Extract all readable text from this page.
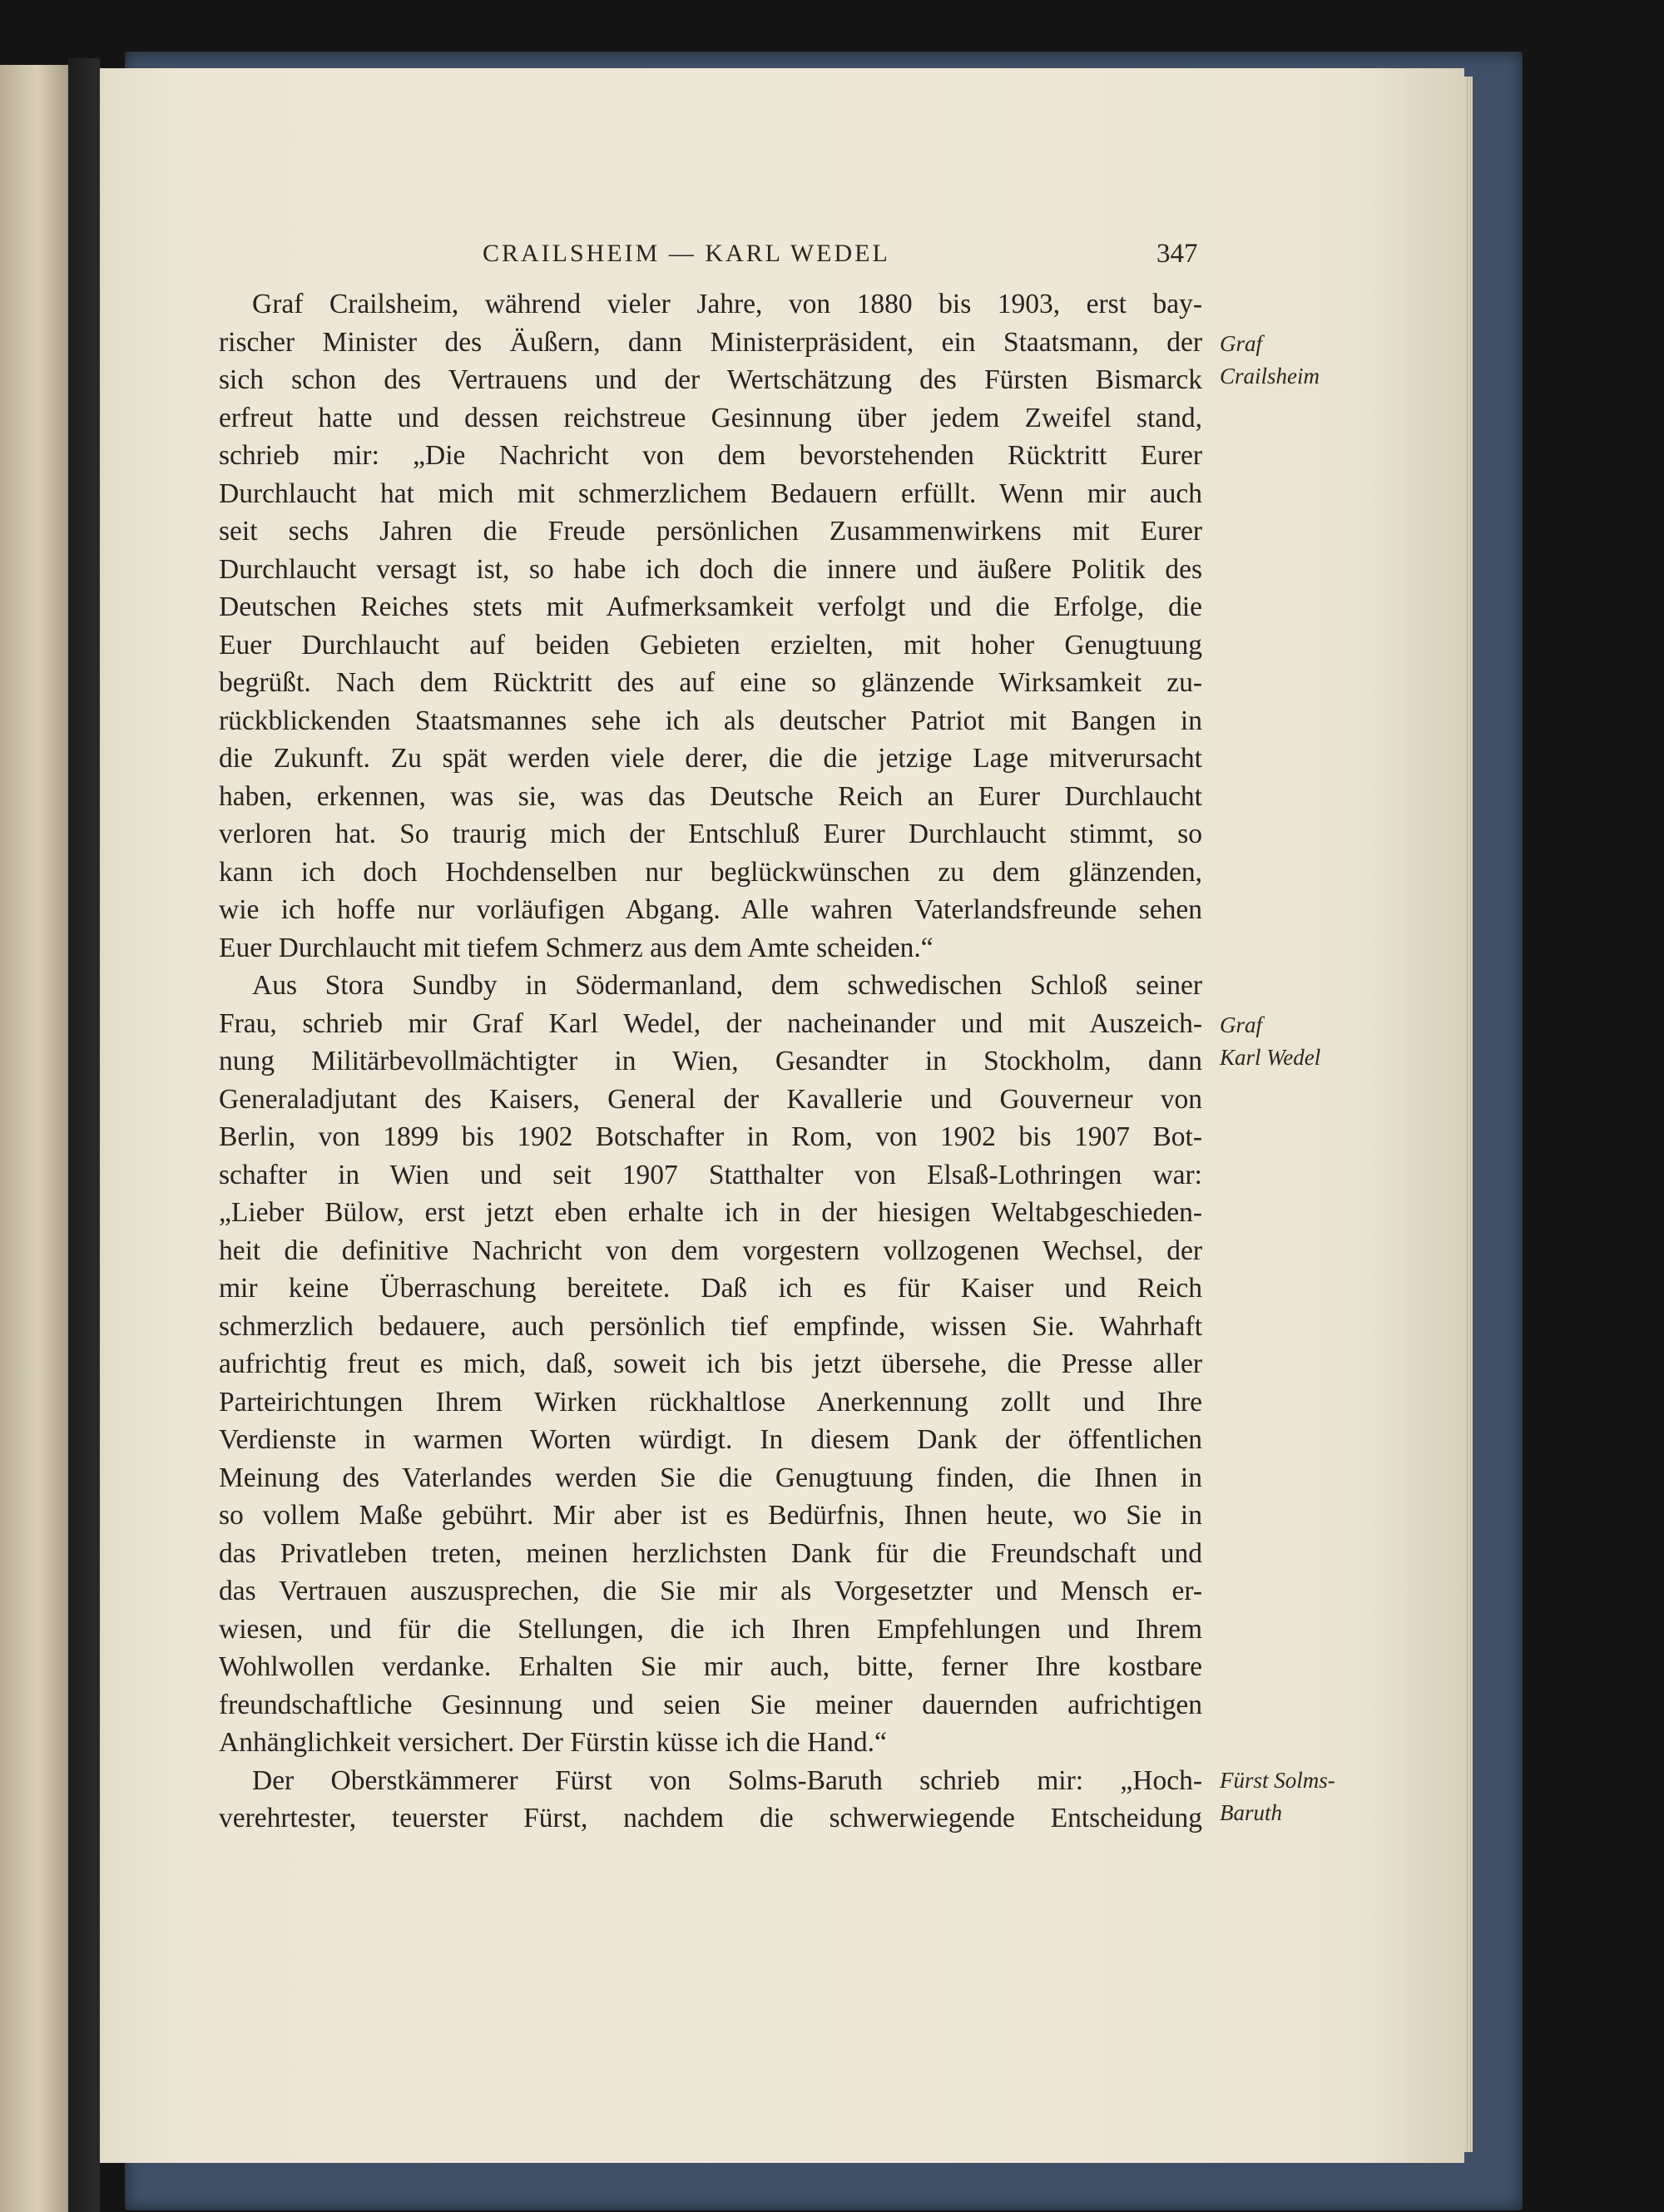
CRAILSHEIM — KARL WEDEL	347
Graf Crailsheim, während vieler Jahre, von 1880 bis 1903, erst bay-
rischer Minister des Äußern, dann Ministerpräsident, ein Staatsmann, der
sich schon des Vertrauens und der Wertschätzung des Fürsten Bismarck
erfreut hatte und dessen reichstreue Gesinnung über jedem Zweifel stand,
schrieb mir: „Die Nachricht von dem bevorstehenden Rücktritt Eurer
Durchlaucht hat mich mit schmerzlichem Bedauern erfüllt. Wenn mir auch
seit sechs Jahren die Freude persönlichen Zusammenwirkens mit Eurer
Durchlaucht versagt ist, so habe ich doch die innere und äußere Politik des
Deutschen Reiches stets mit Aufmerksamkeit verfolgt und die Erfolge, die
Euer Durchlaucht auf beiden Gebieten erzielten, mit hoher Genugtuung
begrüßt. Nach dem Rücktritt des auf eine so glänzende Wirksamkeit zu-
rückblickenden Staatsmannes sehe ich als deutscher Patriot mit Bangen in
die Zukunft. Zu spät werden viele derer, die die jetzige Lage mitverursacht
haben, erkennen, was sie, was das Deutsche Reich an Eurer Durchlaucht
verloren hat. So traurig mich der Entschluß Eurer Durchlaucht stimmt, so
kann ich doch Hochdenselben nur beglückwünschen zu dem glänzenden,
wie ich hoffe nur vorläufigen Abgang. Alle wahren Vaterlandsfreunde sehen
Euer Durchlaucht mit tiefem Schmerz aus dem Amte scheiden.“
Aus Stora Sundby in Södermanland, dem schwedischen Schloß seiner
Frau, schrieb mir Graf Karl Wedel, der nacheinander und mit Auszeich-
nung Militärbevollmächtigter in Wien, Gesandter in Stockholm, dann
Generaladjutant des Kaisers, General der Kavallerie und Gouverneur von
Berlin, von 1899 bis 1902 Botschafter in Rom, von 1902 bis 1907 Bot-
schafter in Wien und seit 1907 Statthalter von Elsaß-Lothringen war:
„Lieber Bülow, erst jetzt eben erhalte ich in der hiesigen Weltabgeschieden-
heit die definitive Nachricht von dem vorgestern vollzogenen Wechsel, der
mir keine Überraschung bereitete. Daß ich es für Kaiser und Reich
schmerzlich bedauere, auch persönlich tief empfinde, wissen Sie. Wahrhaft
aufrichtig freut es mich, daß, soweit ich bis jetzt übersehe, die Presse aller
Parteirichtungen Ihrem Wirken rückhaltlose Anerkennung zollt und Ihre
Verdienste in warmen Worten würdigt. In diesem Dank der öffentlichen
Meinung des Vaterlandes werden Sie die Genugtuung finden, die Ihnen in
so vollem Maße gebührt. Mir aber ist es Bedürfnis, Ihnen heute, wo Sie in
das Privatleben treten, meinen herzlichsten Dank für die Freundschaft und
das Vertrauen auszusprechen, die Sie mir als Vorgesetzter und Mensch er-
wiesen, und für die Stellungen, die ich Ihren Empfehlungen und Ihrem
Wohlwollen verdanke. Erhalten Sie mir auch, bitte, ferner Ihre kostbare
freundschaftliche Gesinnung und seien Sie meiner dauernden aufrichtigen
Anhänglichkeit versichert. Der Fürstin küsse ich die Hand.“
Der Oberstkämmerer Fürst von Solms-Baruth schrieb mir: „Hoch-
verehrtester, teuerster Fürst, nachdem die schwerwiegende Entscheidung
Graf
Crailsheim
Graf
Karl Wedel
Fürst Solms-
Baruth
